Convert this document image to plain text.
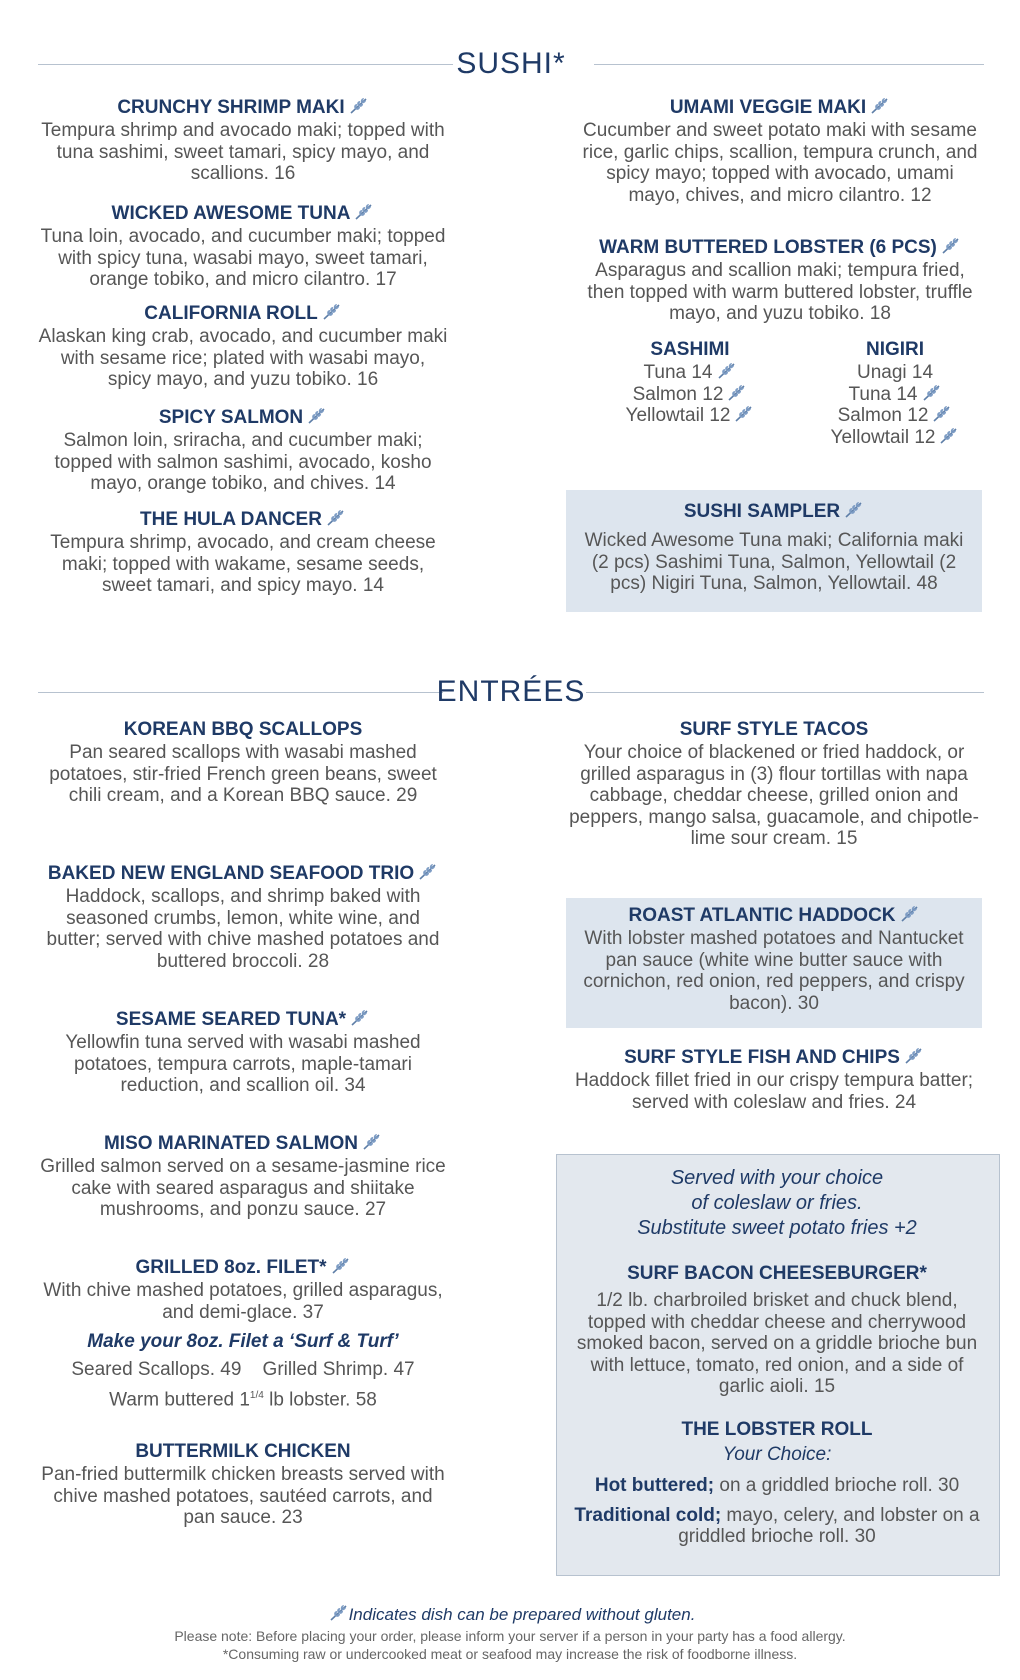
SUSHI*
CRUNCHY SHRIMP MAKI
Tempura shrimp and avocado maki; topped with tuna sashimi, sweet tamari, spicy mayo, and scallions. 16
WICKED AWESOME TUNA
Tuna loin, avocado, and cucumber maki; topped with spicy tuna, wasabi mayo, sweet tamari, orange tobiko, and micro cilantro. 17
CALIFORNIA ROLL
Alaskan king crab, avocado, and cucumber maki with sesame rice; plated with wasabi mayo, spicy mayo, and yuzu tobiko. 16
SPICY SALMON
Salmon loin, sriracha, and cucumber maki; topped with salmon sashimi, avocado, kosho mayo, orange tobiko, and chives. 14
THE HULA DANCER
Tempura shrimp, avocado, and cream cheese maki; topped with wakame, sesame seeds, sweet tamari, and spicy mayo. 14
UMAMI VEGGIE MAKI
Cucumber and sweet potato maki with sesame rice, garlic chips, scallion, tempura crunch, and spicy mayo; topped with avocado, umami mayo, chives, and micro cilantro. 12
WARM BUTTERED LOBSTER (6 PCS)
Asparagus and scallion maki; tempura fried, then topped with warm buttered lobster, truffle mayo, and yuzu tobiko. 18
SASHIMI
Tuna 14
Salmon 12
Yellowtail 12
NIGIRI
Unagi 14
Tuna 14
Salmon 12
Yellowtail 12
SUSHI SAMPLER
Wicked Awesome Tuna maki; California maki (2 pcs) Sashimi Tuna, Salmon, Yellowtail (2 pcs) Nigiri Tuna, Salmon, Yellowtail. 48
ENTRÉES
KOREAN BBQ SCALLOPS
Pan seared scallops with wasabi mashed potatoes, stir-fried French green beans, sweet chili cream, and a Korean BBQ sauce. 29
BAKED NEW ENGLAND SEAFOOD TRIO
Haddock, scallops, and shrimp baked with seasoned crumbs, lemon, white wine, and butter; served with chive mashed potatoes and buttered broccoli. 28
SESAME SEARED TUNA*
Yellowfin tuna served with wasabi mashed potatoes, tempura carrots, maple-tamari reduction, and scallion oil. 34
MISO MARINATED SALMON
Grilled salmon served on a sesame-jasmine rice cake with seared asparagus and shiitake mushrooms, and ponzu sauce. 27
GRILLED 8oz. FILET*
With chive mashed potatoes, grilled asparagus, and demi-glace. 37
Make your 8oz. Filet a ‘Surf & Turf’
Seared Scallops. 49    Grilled Shrimp. 47
Warm buttered $1^{1/4}$ lb lobster. 58
BUTTERMILK CHICKEN
Pan-fried buttermilk chicken breasts served with chive mashed potatoes, sautéed carrots, and pan sauce. 23
SURF STYLE TACOS
Your choice of blackened or fried haddock, or grilled asparagus in (3) flour tortillas with napa cabbage, cheddar cheese, grilled onion and peppers, mango salsa, guacamole, and chipotle-lime sour cream. 15
ROAST ATLANTIC HADDOCK
With lobster mashed potatoes and Nantucket pan sauce (white wine butter sauce with cornichon, red onion, red peppers, and crispy bacon). 30
SURF STYLE FISH AND CHIPS
Haddock fillet fried in our crispy tempura batter; served with coleslaw and fries. 24
Served with your choice
of coleslaw or fries.
Substitute sweet potato fries +2
SURF BACON CHEESEBURGER*
1/2 lb. charbroiled brisket and chuck blend, topped with cheddar cheese and cherrywood smoked bacon, served on a griddle brioche bun with lettuce, tomato, red onion, and a side of garlic aioli. 15
THE LOBSTER ROLL
Your Choice:
Hot buttered; on a griddled brioche roll. 30
Traditional cold; mayo, celery, and lobster on a griddled brioche roll. 30
Indicates dish can be prepared without gluten.
Please note: Before placing your order, please inform your server if a person in your party has a food allergy.
*Consuming raw or undercooked meat or seafood may increase the risk of foodborne illness.
